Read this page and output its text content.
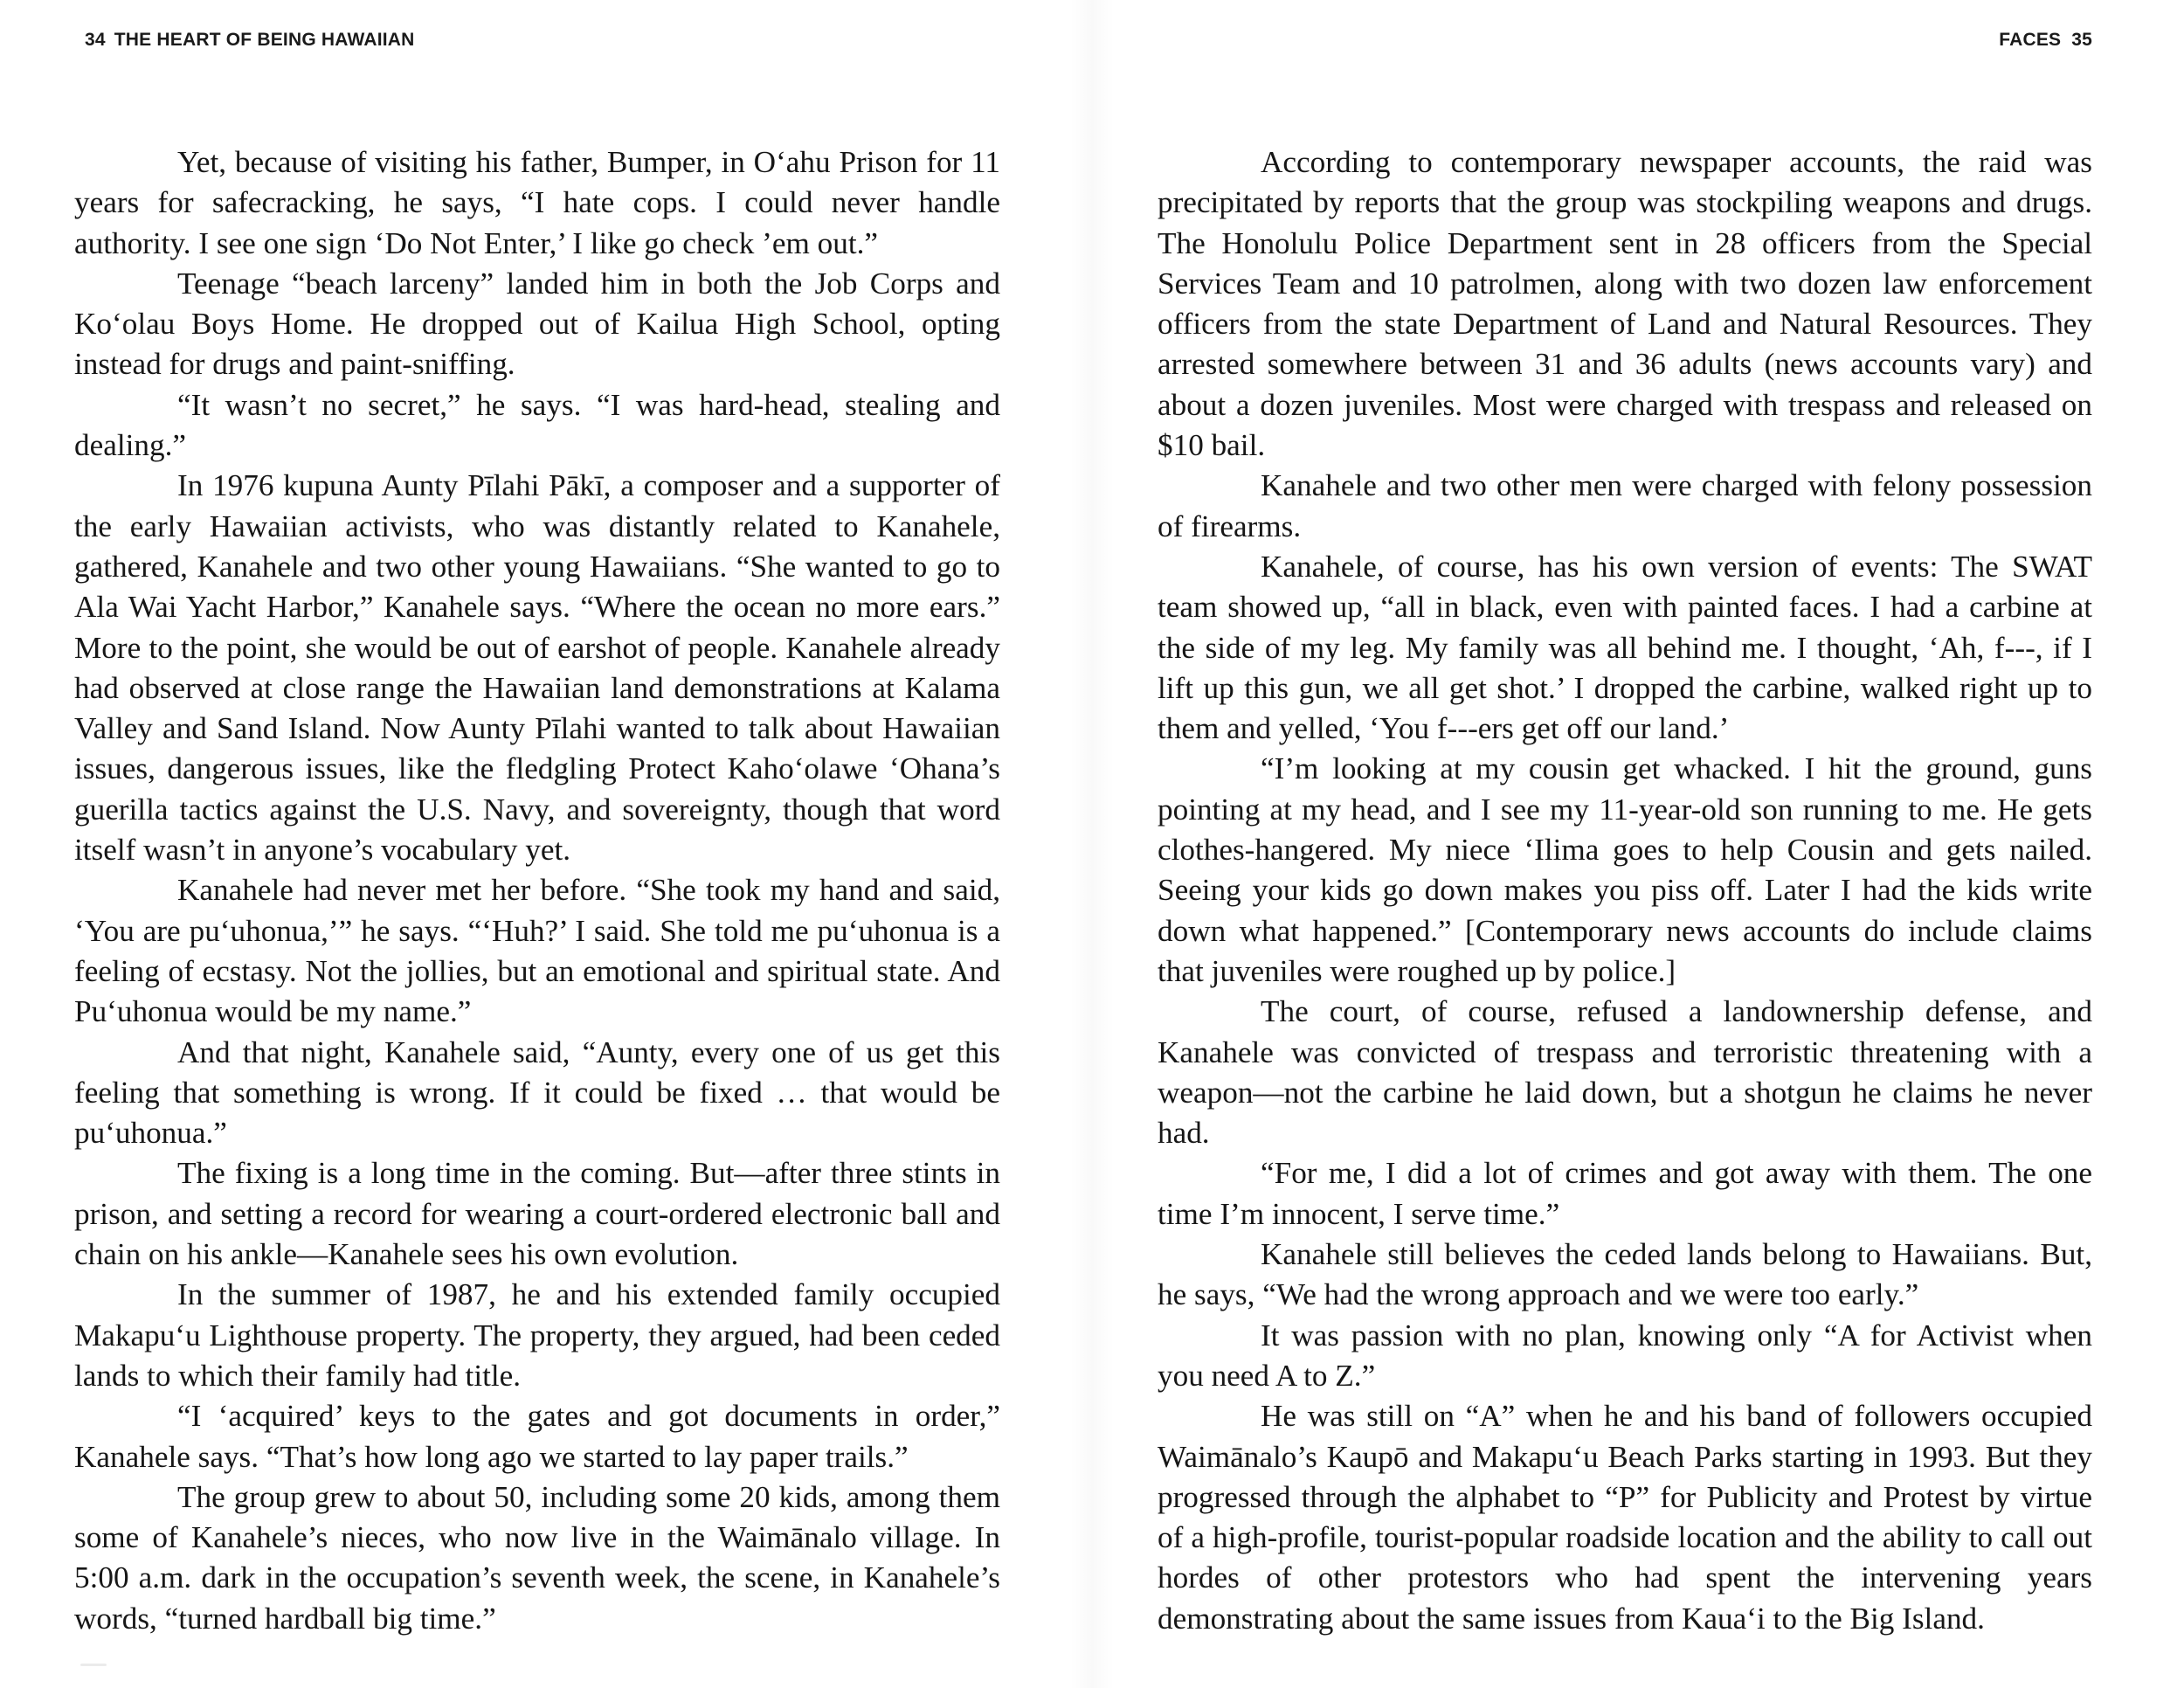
34 THE HEART OF BEING HAWAIIAN

Yet, because of visiting his father, Bumper, in O‘ahu Prison for 11 years for safecracking, he says, “I hate cops. I could never handle authority. I see one sign ‘Do Not Enter,’ I like go check ’em out.”

Teenage “beach larceny” landed him in both the Job Corps and Ko‘olau Boys Home. He dropped out of Kailua High School, opting instead for drugs and paint-sniffing.

“It wasn’t no secret,” he says. “I was hard-head, stealing and dealing.”

In 1976 kupuna Aunty Pīlahi Pākī, a composer and a supporter of the early Hawaiian activists, who was distantly related to Kanahele, gathered, Kanahele and two other young Hawaiians. “She wanted to go to Ala Wai Yacht Harbor,” Kanahele says. “Where the ocean no more ears.” More to the point, she would be out of earshot of people. Kanahele already had observed at close range the Hawaiian land demonstrations at Kalama Valley and Sand Island. Now Aunty Pīlahi wanted to talk about Hawaiian issues, dangerous issues, like the fledgling Protect Kaho‘olawe ‘Ohana’s guerilla tactics against the U.S. Navy, and sovereignty, though that word itself wasn’t in anyone’s vocabulary yet.

Kanahele had never met her before. “She took my hand and said, ‘You are pu‘uhonua,’” he says. “‘Huh?’ I said. She told me pu‘uhonua is a feeling of ecstasy. Not the jollies, but an emotional and spiritual state. And Pu‘uhonua would be my name.”

And that night, Kanahele said, “Aunty, every one of us get this feeling that something is wrong. If it could be fixed … that would be pu‘uhonua.”

The fixing is a long time in the coming. But—after three stints in prison, and setting a record for wearing a court-ordered electronic ball and chain on his ankle—Kanahele sees his own evolution.

In the summer of 1987, he and his extended family occupied Makapu‘u Lighthouse property. The property, they argued, had been ceded lands to which their family had title.

“I ‘acquired’ keys to the gates and got documents in order,” Kanahele says. “That’s how long ago we started to lay paper trails.”

The group grew to about 50, including some 20 kids, among them some of Kanahele’s nieces, who now live in the Waimānalo village. In 5:00 a.m. dark in the occupation’s seventh week, the scene, in Kanahele’s words, “turned hardball big time.”

FACES 35

According to contemporary newspaper accounts, the raid was precipitated by reports that the group was stockpiling weapons and drugs. The Honolulu Police Department sent in 28 officers from the Special Services Team and 10 patrolmen, along with two dozen law enforcement officers from the state Department of Land and Natural Resources. They arrested somewhere between 31 and 36 adults (news accounts vary) and about a dozen juveniles. Most were charged with trespass and released on $10 bail.

Kanahele and two other men were charged with felony possession of firearms.

Kanahele, of course, has his own version of events: The SWAT team showed up, “all in black, even with painted faces. I had a carbine at the side of my leg. My family was all behind me. I thought, ‘Ah, f---, if I lift up this gun, we all get shot.’ I dropped the carbine, walked right up to them and yelled, ‘You f---ers get off our land.’

“I’m looking at my cousin get whacked. I hit the ground, guns pointing at my head, and I see my 11-year-old son running to me. He gets clothes-hangered. My niece ‘Ilima goes to help Cousin and gets nailed. Seeing your kids go down makes you piss off. Later I had the kids write down what happened.” [Contemporary news accounts do include claims that juveniles were roughed up by police.]

The court, of course, refused a landownership defense, and Kanahele was convicted of trespass and terroristic threatening with a weapon—not the carbine he laid down, but a shotgun he claims he never had.

“For me, I did a lot of crimes and got away with them. The one time I’m innocent, I serve time.”

Kanahele still believes the ceded lands belong to Hawaiians. But, he says, “We had the wrong approach and we were too early.”

It was passion with no plan, knowing only “A for Activist when you need A to Z.”

He was still on “A” when he and his band of followers occupied Waimānalo’s Kaupō and Makapu‘u Beach Parks starting in 1993. But they progressed through the alphabet to “P” for Publicity and Protest by virtue of a high-profile, tourist-popular roadside location and the ability to call out hordes of other protestors who had spent the intervening years demonstrating about the same issues from Kaua‘i to the Big Island.
